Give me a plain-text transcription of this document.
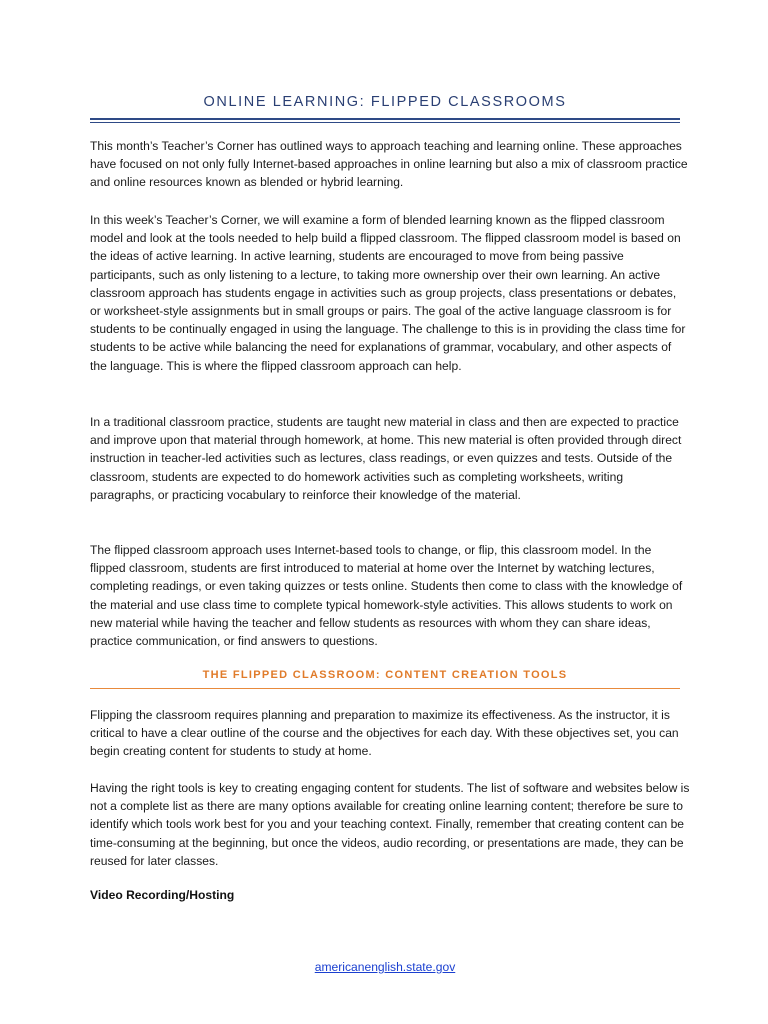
ONLINE LEARNING: FLIPPED CLASSROOMS

This month’s Teacher’s Corner has outlined ways to approach teaching and learning online. These approaches have focused on not only fully Internet-based approaches in online learning but also a mix of classroom practice and online resources known as blended or hybrid learning.

In this week’s Teacher’s Corner, we will examine a form of blended learning known as the flipped classroom model and look at the tools needed to help build a flipped classroom. The flipped classroom model is based on the ideas of active learning. In active learning, students are encouraged to move from being passive participants, such as only listening to a lecture, to taking more ownership over their own learning. An active classroom approach has students engage in activities such as group projects, class presentations or debates, or worksheet-style assignments but in small groups or pairs. The goal of the active language classroom is for students to be continually engaged in using the language. The challenge to this is in providing the class time for students to be active while balancing the need for explanations of grammar, vocabulary, and other aspects of the language. This is where the flipped classroom approach can help.

In a traditional classroom practice, students are taught new material in class and then are expected to practice and improve upon that material through homework, at home. This new material is often provided through direct instruction in teacher-led activities such as lectures, class readings, or even quizzes and tests. Outside of the classroom, students are expected to do homework activities such as completing worksheets, writing paragraphs, or practicing vocabulary to reinforce their knowledge of the material.

The flipped classroom approach uses Internet-based tools to change, or flip, this classroom model. In the flipped classroom, students are first introduced to material at home over the Internet by watching lectures, completing readings, or even taking quizzes or tests online. Students then come to class with the knowledge of the material and use class time to complete typical homework-style activities. This allows students to work on new material while having the teacher and fellow students as resources with whom they can share ideas, practice communication, or find answers to questions.

THE FLIPPED CLASSROOM: CONTENT CREATION TOOLS

Flipping the classroom requires planning and preparation to maximize its effectiveness. As the instructor, it is critical to have a clear outline of the course and the objectives for each day. With these objectives set, you can begin creating content for students to study at home.

Having the right tools is key to creating engaging content for students. The list of software and websites below is not a complete list as there are many options available for creating online learning content; therefore be sure to identify which tools work best for you and your teaching context. Finally, remember that creating content can be time-consuming at the beginning, but once the videos, audio recording, or presentations are made, they can be reused for later classes.

Video Recording/Hosting
americanenglish.state.gov
